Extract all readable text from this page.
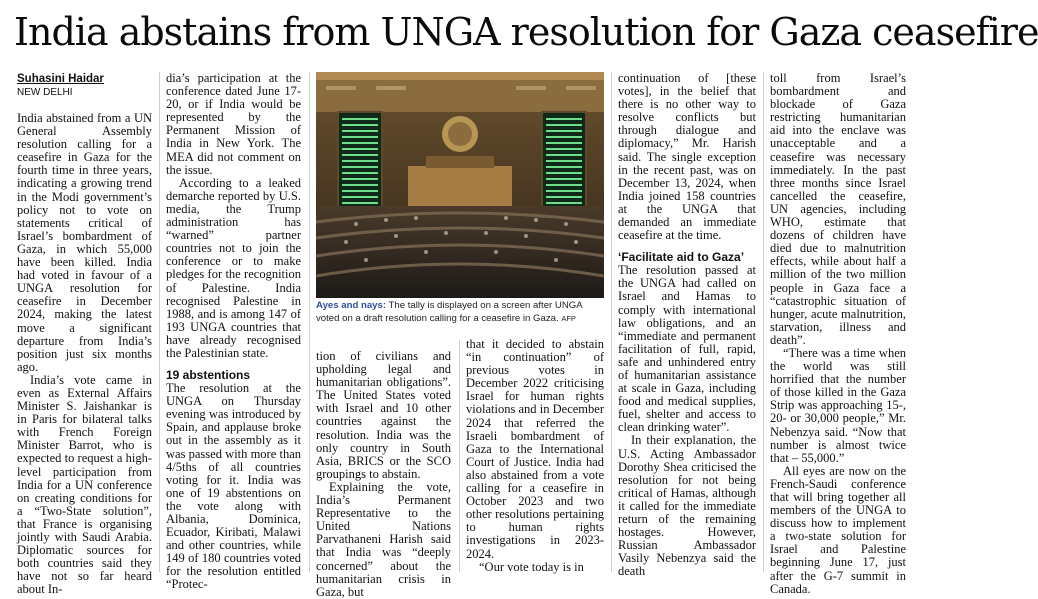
India abstains from UNGA resolution for Gaza ceasefire
Suhasini Haidar
NEW DELHI

India abstained from a UN General Assembly resolution calling for a ceasefire in Gaza for the fourth time in three years, indicating a growing trend in the Modi government’s policy not to vote on statements critical of Israel’s bombardment of Gaza, in which 55,000 have been killed. India had voted in favour of a UNGA resolution for ceasefire in December 2024, making the latest move a significant departure from India’s position just six months ago.

India’s vote came in even as External Affairs Minister S. Jaishankar is in Paris for bilateral talks with French Foreign Minister Barrot, who is expected to request a high-level participation from India for a UN conference on creating conditions for a “Two-State solution”, that France is organising jointly with Saudi Arabia. Diplomatic sources for both countries said they have not so far heard about In-

dia’s participation at the conference dated June 17-20, or if India would be represented by the Permanent Mission of India in New York. The MEA did not comment on the issue.

According to a leaked demarche reported by U.S. media, the Trump administration has “warned” partner countries not to join the conference or to make pledges for the recognition of Palestine. India recognised Palestine in 1988, and is among 147 of 193 UNGA countries that have already recognised the Palestinian state.

19 abstentions

The resolution at the UNGA on Thursday evening was introduced by Spain, and applause broke out in the assembly as it was passed with more than 4/5ths of all countries voting for it. India was one of 19 abstentions on the vote along with Albania, Dominica, Ecuador, Kiribati, Malawi and other countries, while 149 of 180 countries voted for the resolution entitled “Protec-

Ayes and nays: The tally is displayed on a screen after UNGA voted on a draft resolution calling for a ceasefire in Gaza. AFP

tion of civilians and upholding legal and humanitarian obligations”. The United States voted with Israel and 10 other countries against the resolution. India was the only country in South Asia, BRICS or the SCO groupings to abstain.

Explaining the vote, India’s Permanent Representative to the United Nations Parvathaneni Harish said that India was “deeply concerned” about the humanitarian crisis in Gaza, but

that it decided to abstain “in continuation” of previous votes in December 2022 criticising Israel for human rights violations and in December 2024 that referred the Israeli bombardment of Gaza to the International Court of Justice. India had also abstained from a vote calling for a ceasefire in October 2023 and two other resolutions pertaining to human rights investigations in 2023-2024.

“Our vote today is in

continuation of [these votes], in the belief that there is no other way to resolve conflicts but through dialogue and diplomacy,” Mr. Harish said. The single exception in the recent past, was on December 13, 2024, when India joined 158 countries at the UNGA that demanded an immediate ceasefire at the time.

‘Facilitate aid to Gaza’

The resolution passed at the UNGA had called on Israel and Hamas to comply with international law obligations, and an “immediate and permanent facilitation of full, rapid, safe and unhindered entry of humanitarian assistance at scale in Gaza, including food and medical supplies, fuel, shelter and access to clean drinking water”.

In their explanation, the U.S. Acting Ambassador Dorothy Shea criticised the resolution for not being critical of Hamas, although it called for the immediate return of the remaining hostages. However, Russian Ambassador Vasily Nebenzya said the death

toll from Israel’s bombardment and blockade of Gaza restricting humanitarian aid into the enclave was unacceptable and a ceasefire was necessary immediately. In the past three months since Israel cancelled the ceasefire, UN agencies, including WHO, estimate that dozens of children have died due to malnutrition effects, while about half a million of the two million people in Gaza face a “catastrophic situation of hunger, acute malnutrition, starvation, illness and death”.

“There was a time when the world was still horrified that the number of those killed in the Gaza Strip was approaching 15-, 20- or 30,000 people,” Mr. Nebenzya said. “Now that number is almost twice that – 55,000.”

All eyes are now on the French-Saudi conference that will bring together all members of the UNGA to discuss how to implement a two-state solution for Israel and Palestine beginning June 17, just after the G-7 summit in Canada.
